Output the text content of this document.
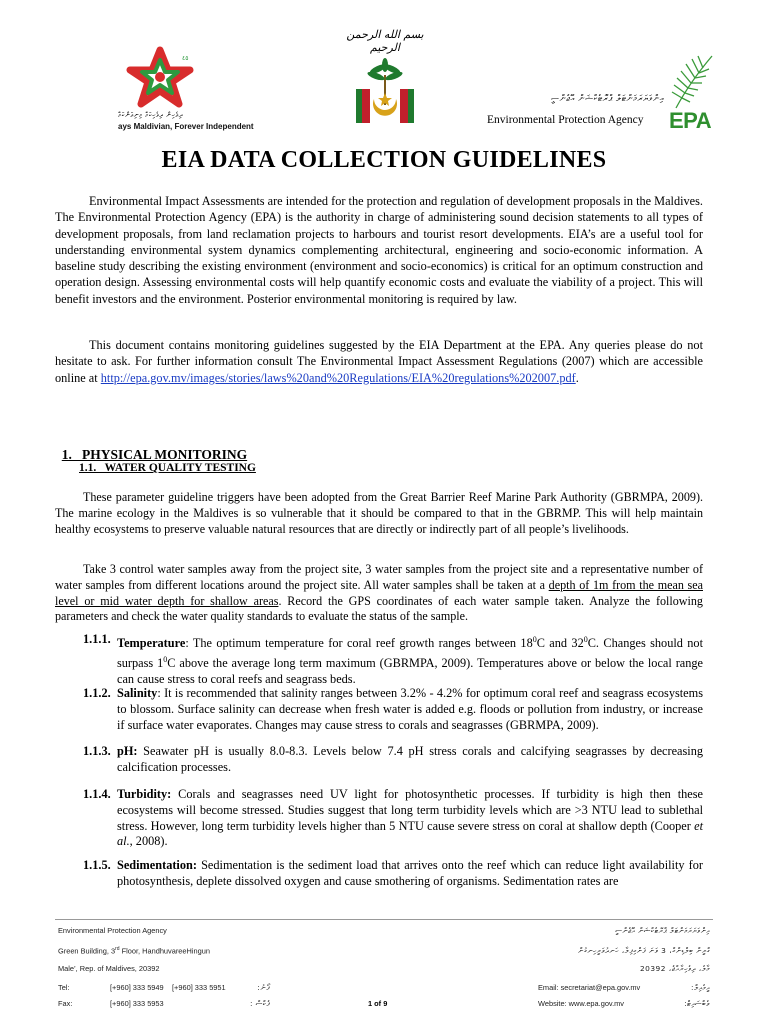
بسم الله الرحمن الرحيم
٤٥
ދިވެހިން ދިވެހިކަމާ މިނިވަންކަމާ
ays Maldivian, Forever Independent
އިންވަޔަރަމަންޓަލް ޕްރޮޓެކްޝަން އޭޖެންސީ
Environmental Protection Agency EPA
EIA DATA COLLECTION GUIDELINES

Environmental Impact Assessments are intended for the protection and regulation of development proposals in the Maldives. The Environmental Protection Agency (EPA) is the authority in charge of administering sound decision statements to all types of development proposals, from land reclamation projects to harbours and tourist resort developments. EIA’s are a useful tool for understanding environmental system dynamics complementing architectural, engineering and socio-economic information. A baseline study describing the existing environment (environment and socio-economics) is critical for an optimum construction and operation design. Assessing environmental costs will help quantify economic costs and evaluate the viability of a project. This will benefit investors and the environment. Posterior environmental monitoring is required by law.

This document contains monitoring guidelines suggested by the EIA Department at the EPA. Any queries please do not hesitate to ask. For further information consult The Environmental Impact Assessment Regulations (2007) which are accessible online at http://epa.gov.mv/images/stories/laws%20and%20Regulations/EIA%20regulations%202007.pdf.

1.   PHYSICAL MONITORING

1.1.   WATER QUALITY TESTING

These parameter guideline triggers have been adopted from the Great Barrier Reef Marine Park Authority (GBRMPA, 2009). The marine ecology in the Maldives is so vulnerable that it should be compared to that in the GBRMP. This will help maintain healthy ecosystems to preserve valuable natural resources that are directly or indirectly part of all people’s livelihoods.

Take 3 control water samples away from the project site, 3 water samples from the project site and a representative number of water samples from different locations around the project site. All water samples shall be taken at a depth of 1m from the mean sea level or mid water depth for shallow areas. Record the GPS coordinates of each water sample taken. Analyze the following parameters and check the water quality standards to evaluate the status of the sample.

1.1.1. Temperature: The optimum temperature for coral reef growth ranges between $18^0C$ and $32^0C$. Changes should not surpass $1^0C$ above the average long term maximum (GBRMPA, 2009). Temperatures above or below the local range can cause stress to coral reefs and seagrass beds.
1.1.2. Salinity: It is recommended that salinity ranges between 3.2% - 4.2% for optimum coral reef and seagrass ecosystems to blossom. Surface salinity can decrease when fresh water is added e.g. floods or pollution from industry, or increase if surface water evaporates. Changes may cause stress to corals and seagrasses (GBRMPA, 2009).
1.1.3. pH: Seawater pH is usually 8.0-8.3. Levels below 7.4 pH stress corals and calcifying seagrasses by decreasing calcification processes.
1.1.4. Turbidity: Corals and seagrasses need UV light for photosynthetic processes. If turbidity is high then these ecosystems will become stressed. Studies suggest that long term turbidity levels which are >3 NTU lead to sublethal stress. However, long term turbidity levels higher than 5 NTU cause severe stress on coral at shallow depth (Cooper et al., 2008).
1.1.5. Sedimentation: Sedimentation is the sediment load that arrives onto the reef which can reduce light availability for photosynthesis, deplete dissolved oxygen and cause smothering of organisms. Sedimentation rates are
Environmental Protection Agency
Green Building, 3rd Floor, HandhuvareeHingun
Male’, Rep. of Maldives, 20392
Tel:	[+960] 333 5949 [+960] 333 5951	ފޯނު:
Fax:	[+960] 333 5953	ފެކްސް :	1 of 9
އިންވަޔަރަމަންޓަލް ޕްރޮޓެކްޝަން އޭޖެންސީ
ގްރީން ބިލްޑިންގް، 3 ވަނަ ފަންގިފިލާ، ހަނދުވަރީހިނގުން
މާލެ، ދިވެހިރާއްޖެ، 20392
Email: secretariat@epa.gov.mv	އީމެއިލް:
Website: www.epa.gov.mv	ވެބްސައިޓް:
